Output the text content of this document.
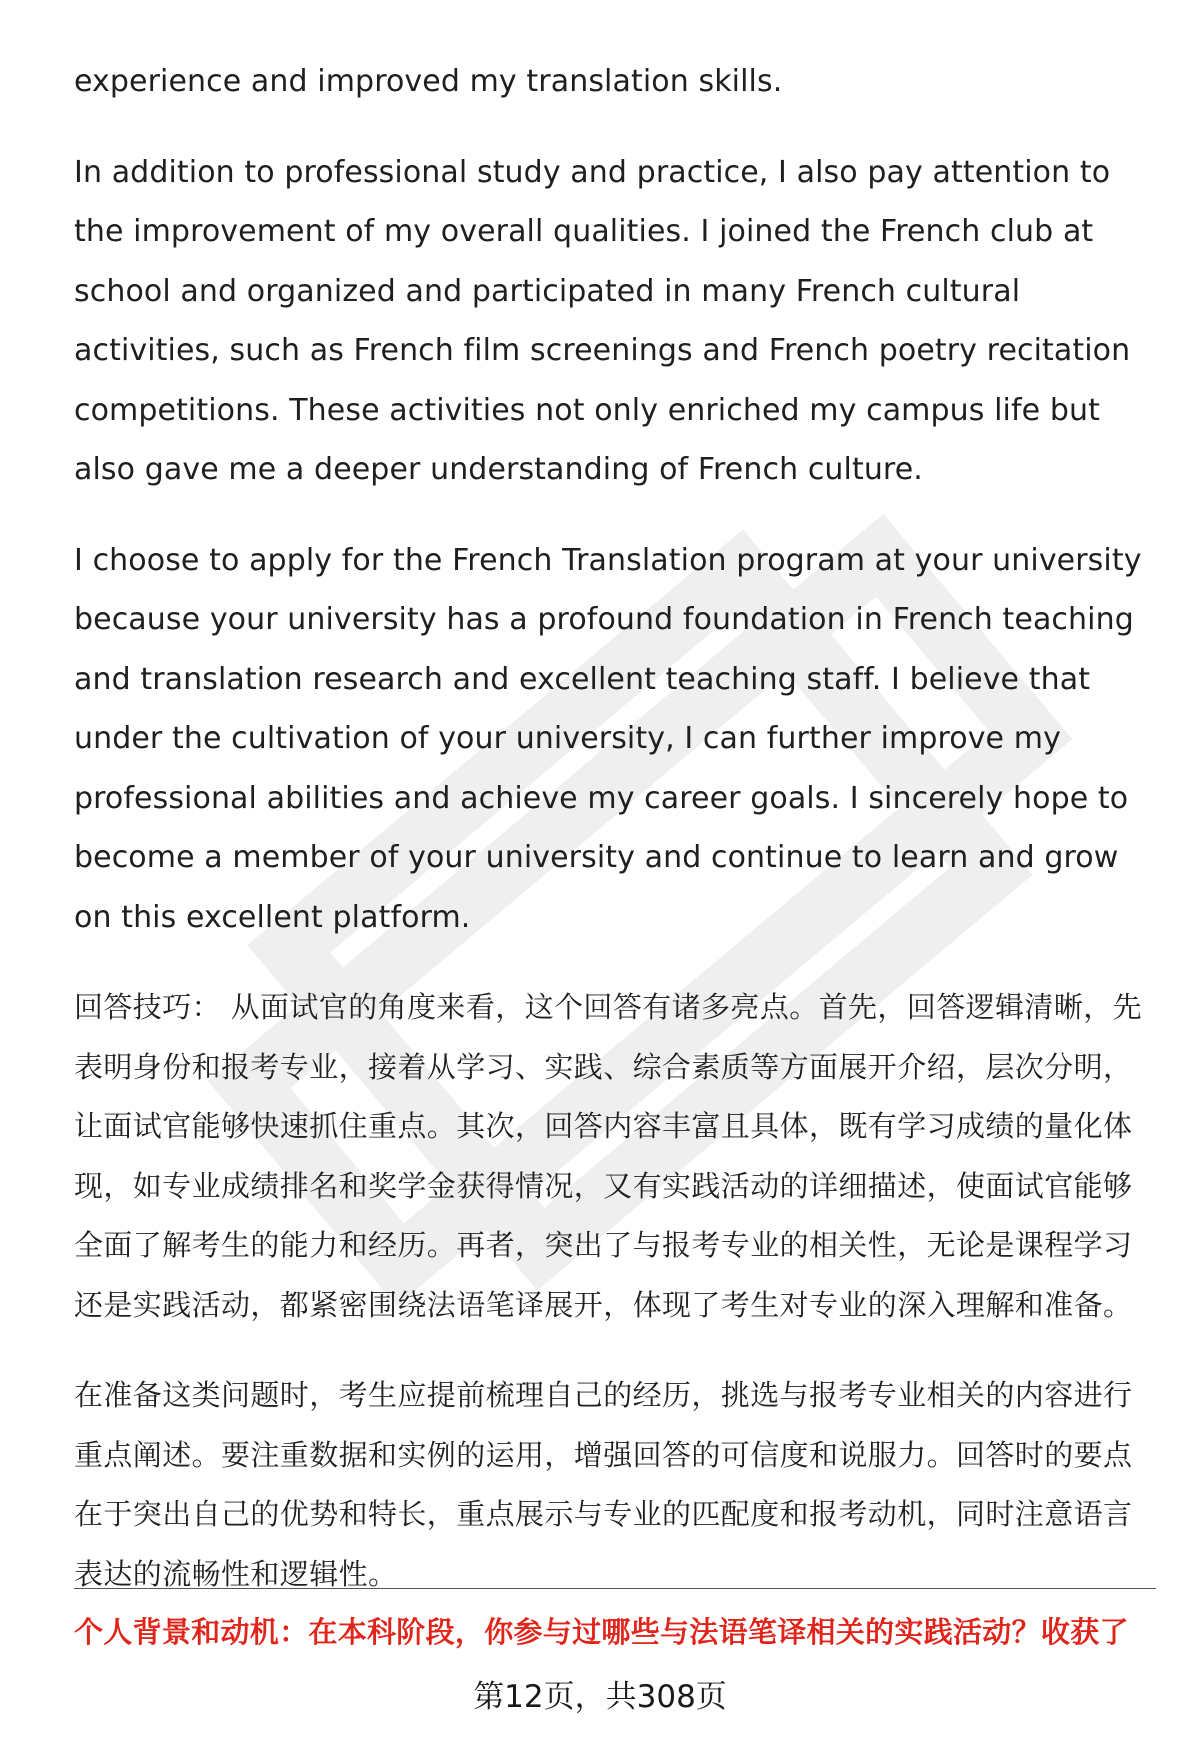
experience and improved my translation skills.

In addition to professional study and practice, I also pay attention to the improvement of my overall qualities. I joined the French club at school and organized and participated in many French cultural activities, such as French film screenings and French poetry recitation competitions. These activities not only enriched my campus life but also gave me a deeper understanding of French culture.

I choose to apply for the French Translation program at your university because your university has a profound foundation in French teaching and translation research and excellent teaching staff. I believe that under the cultivation of your university, I can further improve my professional abilities and achieve my career goals. I sincerely hope to become a member of your university and continue to learn and grow on this excellent platform.

回答技巧： 从面试官的角度来看，这个回答有诸多亮点。首先，回答逻辑清晰，先表明身份和报考专业，接着从学习、实践、综合素质等方面展开介绍，层次分明，让面试官能够快速抓住重点。其次，回答内容丰富且具体，既有学习成绩的量化体现，如专业成绩排名和奖学金获得情况，又有实践活动的详细描述，使面试官能够全面了解考生的能力和经历。再者，突出了与报考专业的相关性，无论是课程学习还是实践活动，都紧密围绕法语笔译展开，体现了考生对专业的深入理解和准备。

在准备这类问题时，考生应提前梳理自己的经历，挑选与报考专业相关的内容进行重点阐述。要注重数据和实例的运用，增强回答的可信度和说服力。回答时的要点在于突出自己的优势和特长，重点展示与专业的匹配度和报考动机，同时注意语言表达的流畅性和逻辑性。

个人背景和动机：在本科阶段，你参与过哪些与法语笔译相关的实践活动？收获了
第12页，共308页
